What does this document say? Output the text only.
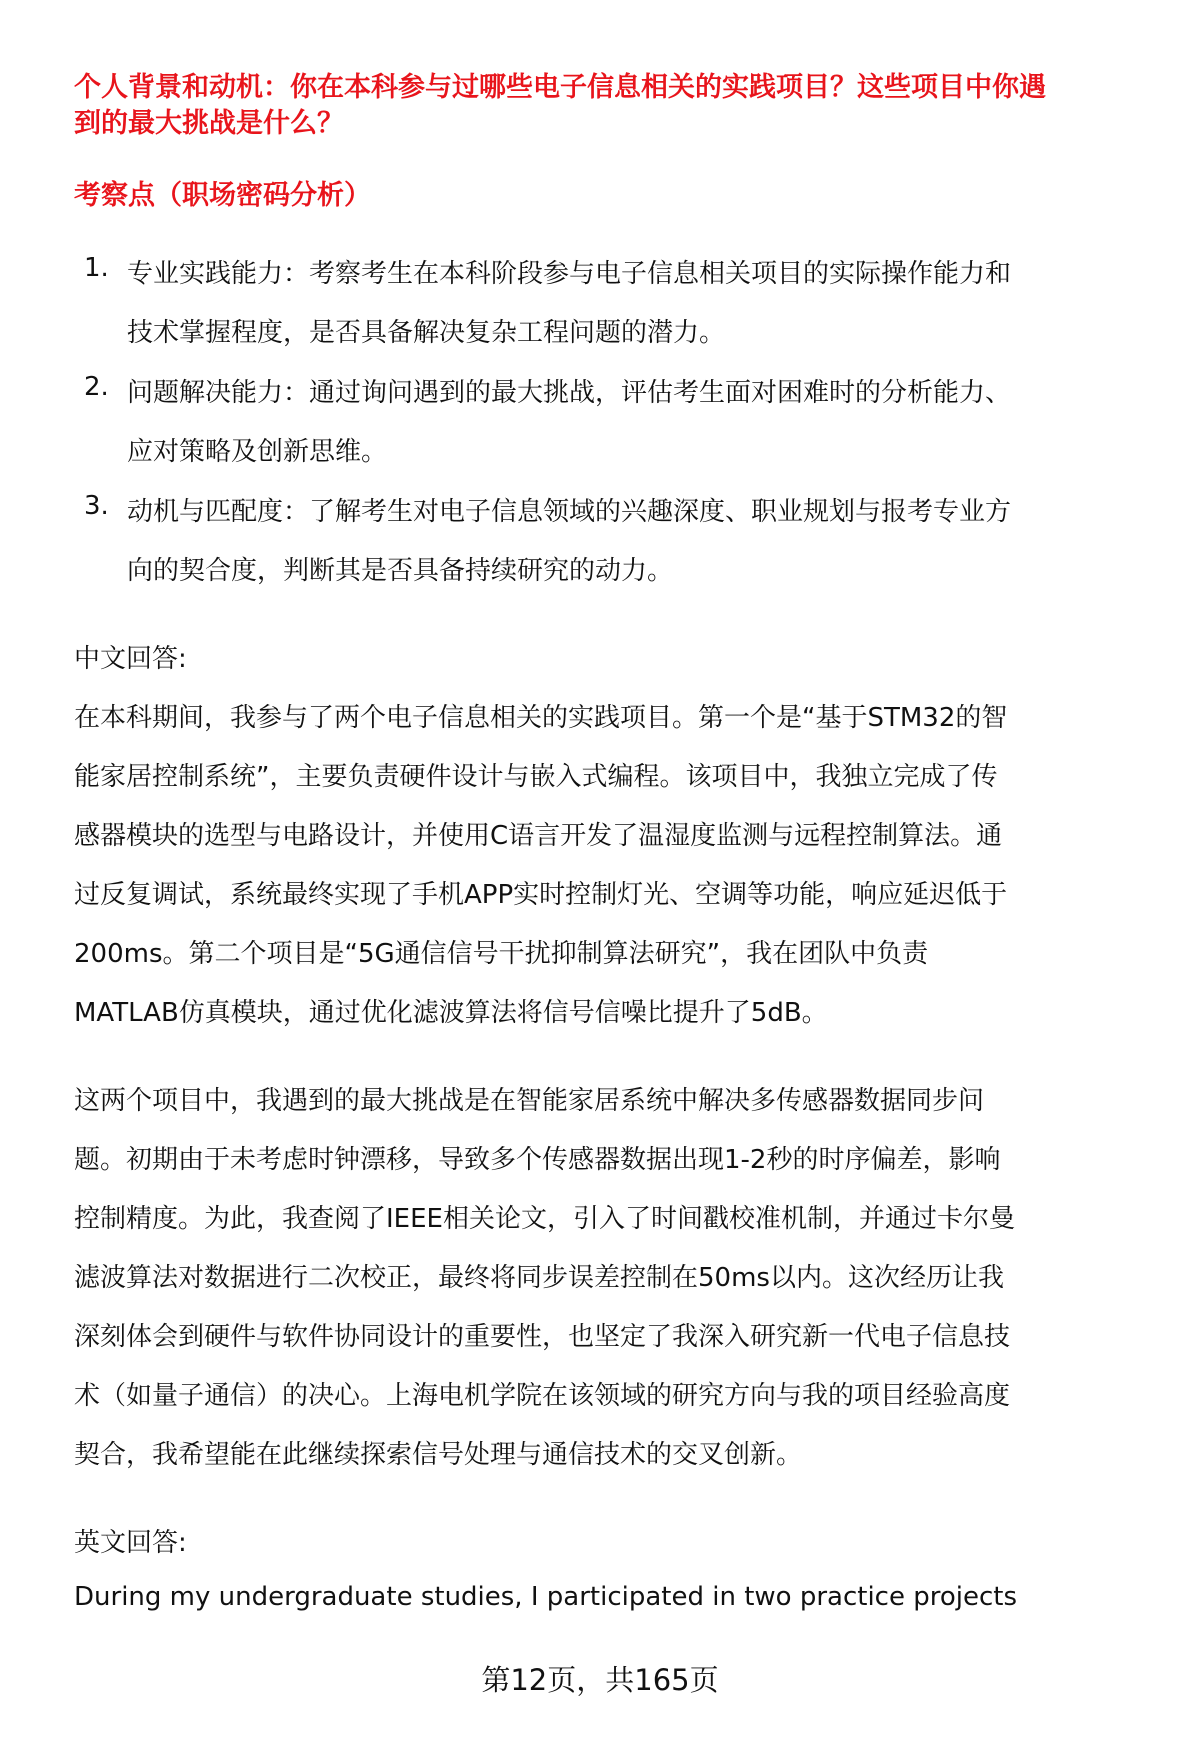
个人背景和动机：你在本科参与过哪些电子信息相关的实践项目？这些项目中你遇
到的最大挑战是什么？
考察点（职场密码分析）
1. 专业实践能力：考察考生在本科阶段参与电子信息相关项目的实际操作能力和
技术掌握程度，是否具备解决复杂工程问题的潜力。
2. 问题解决能力：通过询问遇到的最大挑战，评估考生面对困难时的分析能力、
应对策略及创新思维。
3. 动机与匹配度：了解考生对电子信息领域的兴趣深度、职业规划与报考专业方
向的契合度，判断其是否具备持续研究的动力。
中文回答:
在本科期间，我参与了两个电子信息相关的实践项目。第一个是“基于STM32的智
能家居控制系统”，主要负责硬件设计与嵌入式编程。该项目中，我独立完成了传
感器模块的选型与电路设计，并使用C语言开发了温湿度监测与远程控制算法。通
过反复调试，系统最终实现了手机APP实时控制灯光、空调等功能，响应延迟低于
200ms。第二个项目是“5G通信信号干扰抑制算法研究”，我在团队中负责
MATLAB仿真模块，通过优化滤波算法将信号信噪比提升了5dB。
这两个项目中，我遇到的最大挑战是在智能家居系统中解决多传感器数据同步问
题。初期由于未考虑时钟漂移，导致多个传感器数据出现1-2秒的时序偏差，影响
控制精度。为此，我查阅了IEEE相关论文，引入了时间戳校准机制，并通过卡尔曼
滤波算法对数据进行二次校正，最终将同步误差控制在50ms以内。这次经历让我
深刻体会到硬件与软件协同设计的重要性，也坚定了我深入研究新一代电子信息技
术（如量子通信）的决心。上海电机学院在该领域的研究方向与我的项目经验高度
契合，我希望能在此继续探索信号处理与通信技术的交叉创新。
英文回答:
During my undergraduate studies, I participated in two practice projects
第12页，共165页
